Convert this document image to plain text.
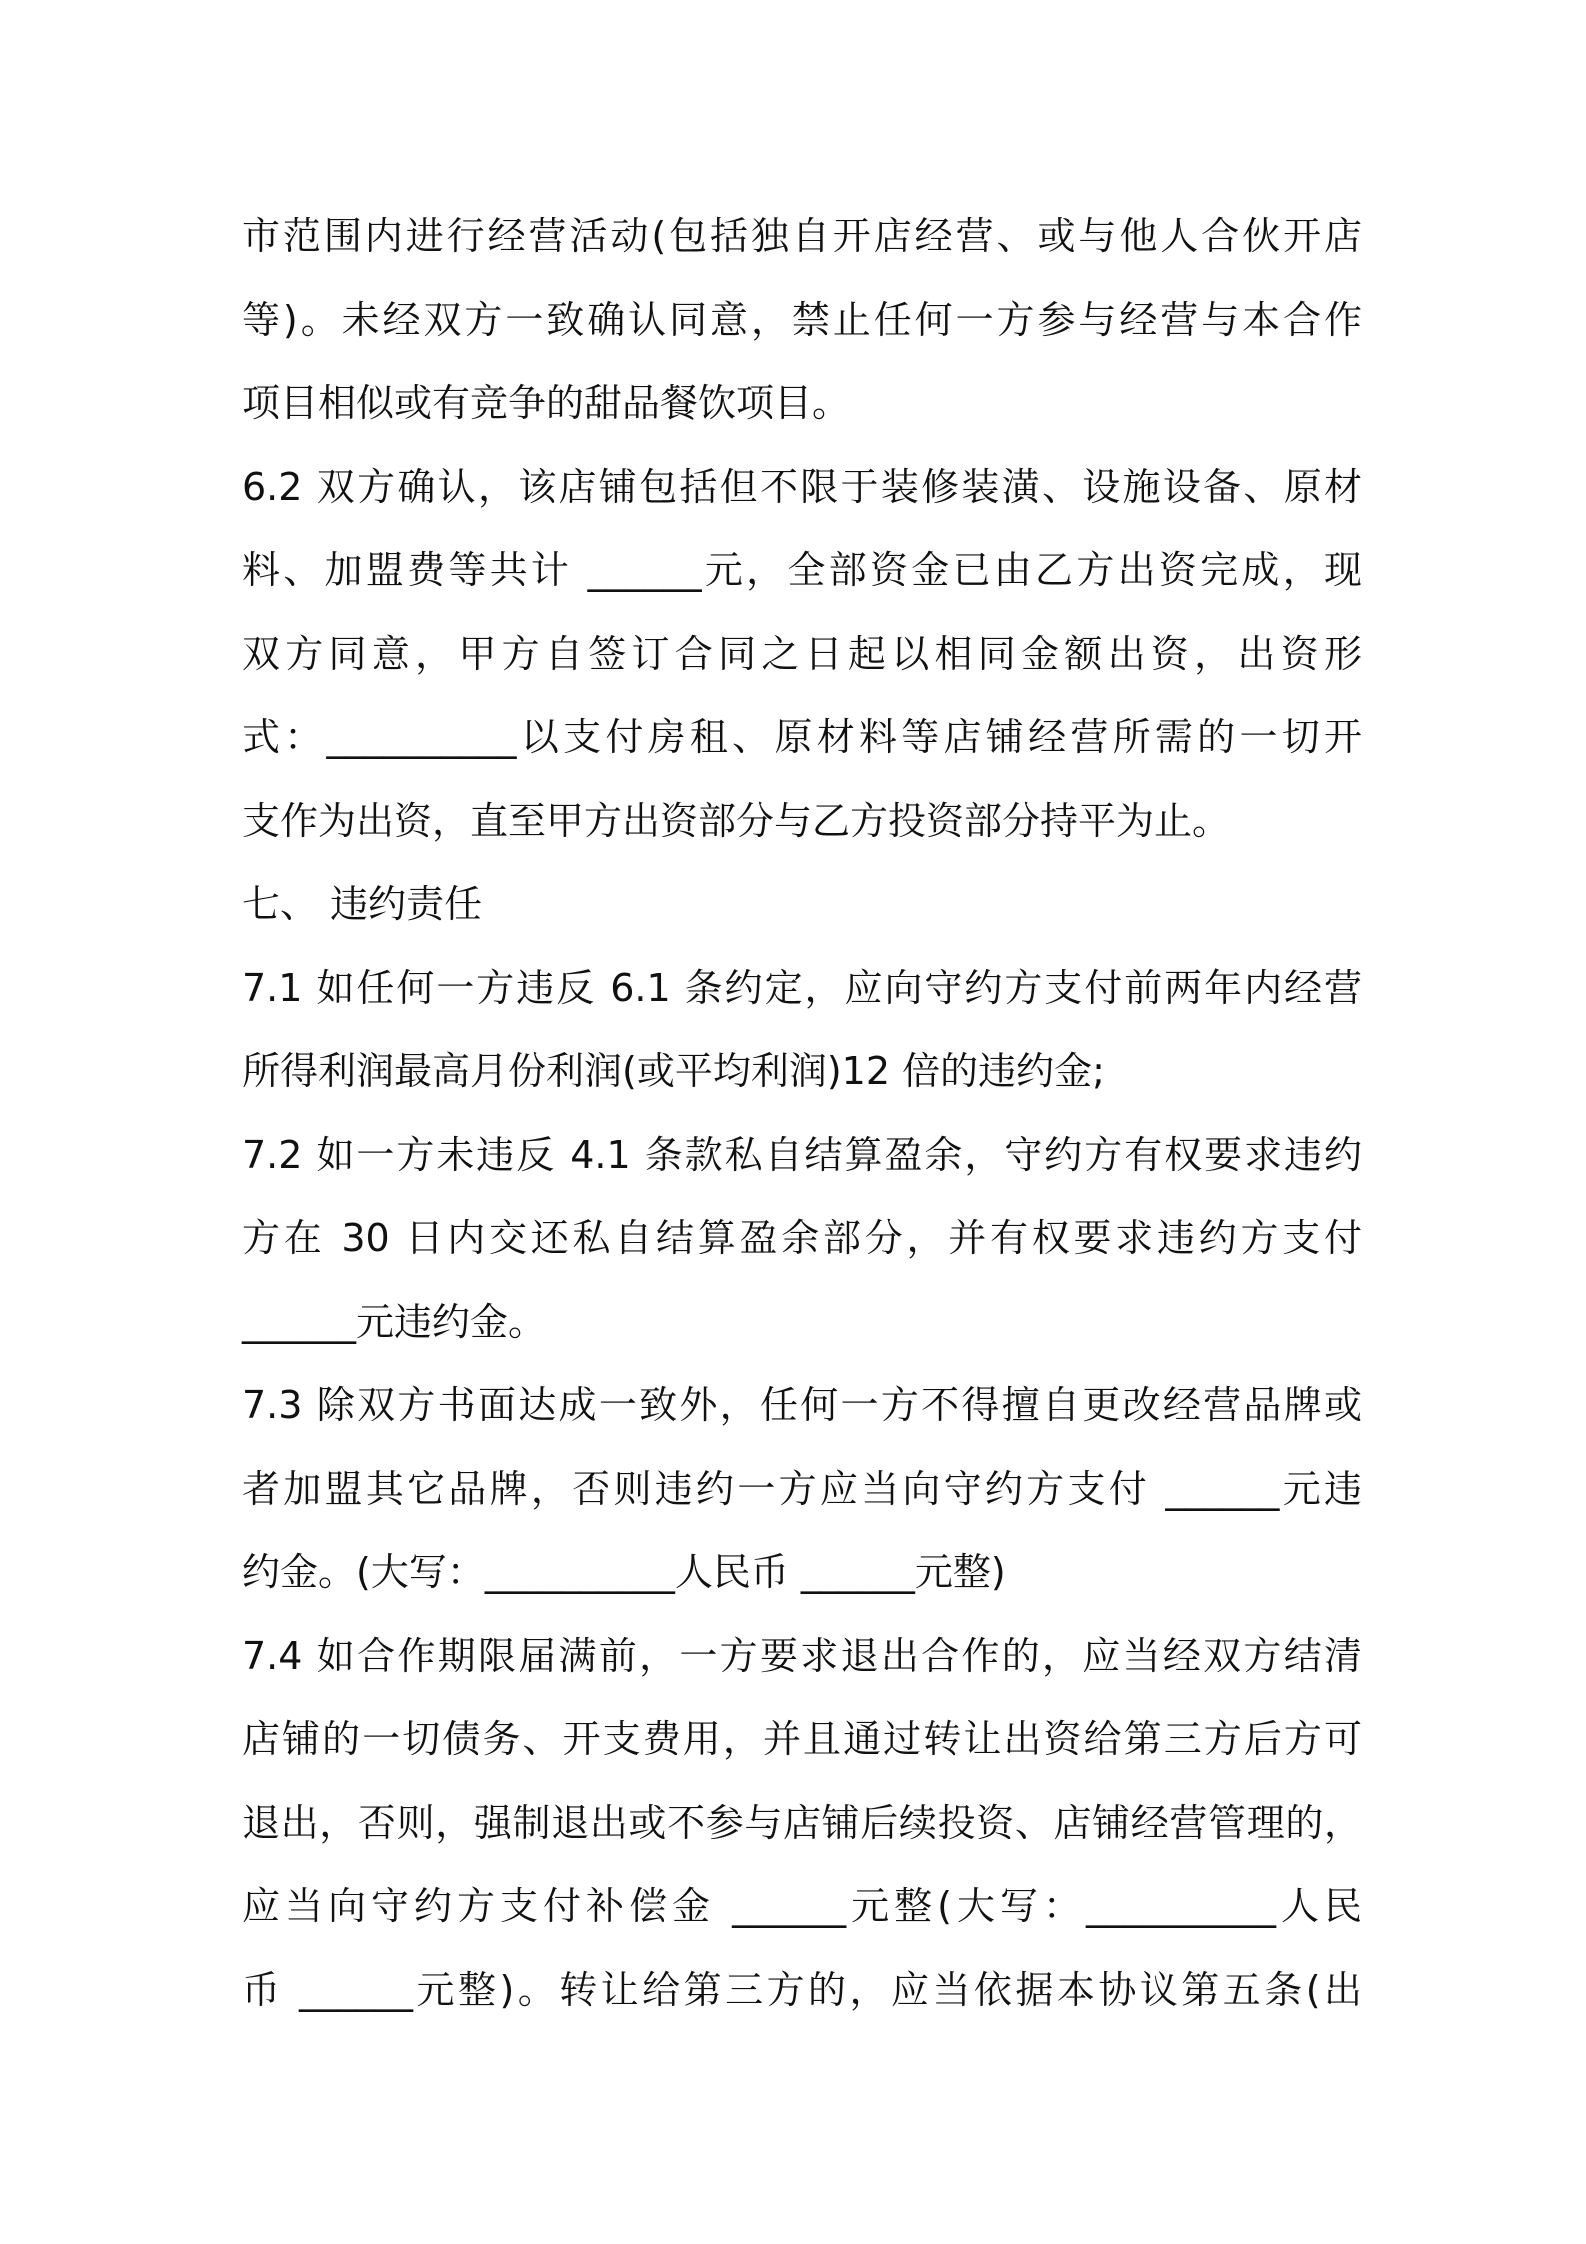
市范围内进行经营活动(包括独自开店经营、或与他人合伙开店
等)。未经双方一致确认同意，禁止任何一方参与经营与本合作
项目相似或有竞争的甜品餐饮项目。
6.2 双方确认，该店铺包括但不限于装修装潢、设施设备、原材
料、加盟费等共计 ______元，全部资金已由乙方出资完成，现
双方同意，甲方自签订合同之日起以相同金额出资，出资形
式：__________以支付房租、原材料等店铺经营所需的一切开
支作为出资，直至甲方出资部分与乙方投资部分持平为止。
七、 违约责任
7.1 如任何一方违反 6.1 条约定，应向守约方支付前两年内经营
所得利润最高月份利润(或平均利润)12 倍的违约金;
7.2 如一方未违反 4.1 条款私自结算盈余，守约方有权要求违约
方在 30 日内交还私自结算盈余部分，并有权要求违约方支付
______元违约金。
7.3 除双方书面达成一致外，任何一方不得擅自更改经营品牌或
者加盟其它品牌，否则违约一方应当向守约方支付 ______元违
约金。(大写：__________人民币 ______元整)
7.4 如合作期限届满前，一方要求退出合作的，应当经双方结清
店铺的一切债务、开支费用，并且通过转让出资给第三方后方可
退出，否则，强制退出或不参与店铺后续投资、店铺经营管理的，
应当向守约方支付补偿金 ______元整(大写：__________人民
币 ______元整)。转让给第三方的，应当依据本协议第五条(出
